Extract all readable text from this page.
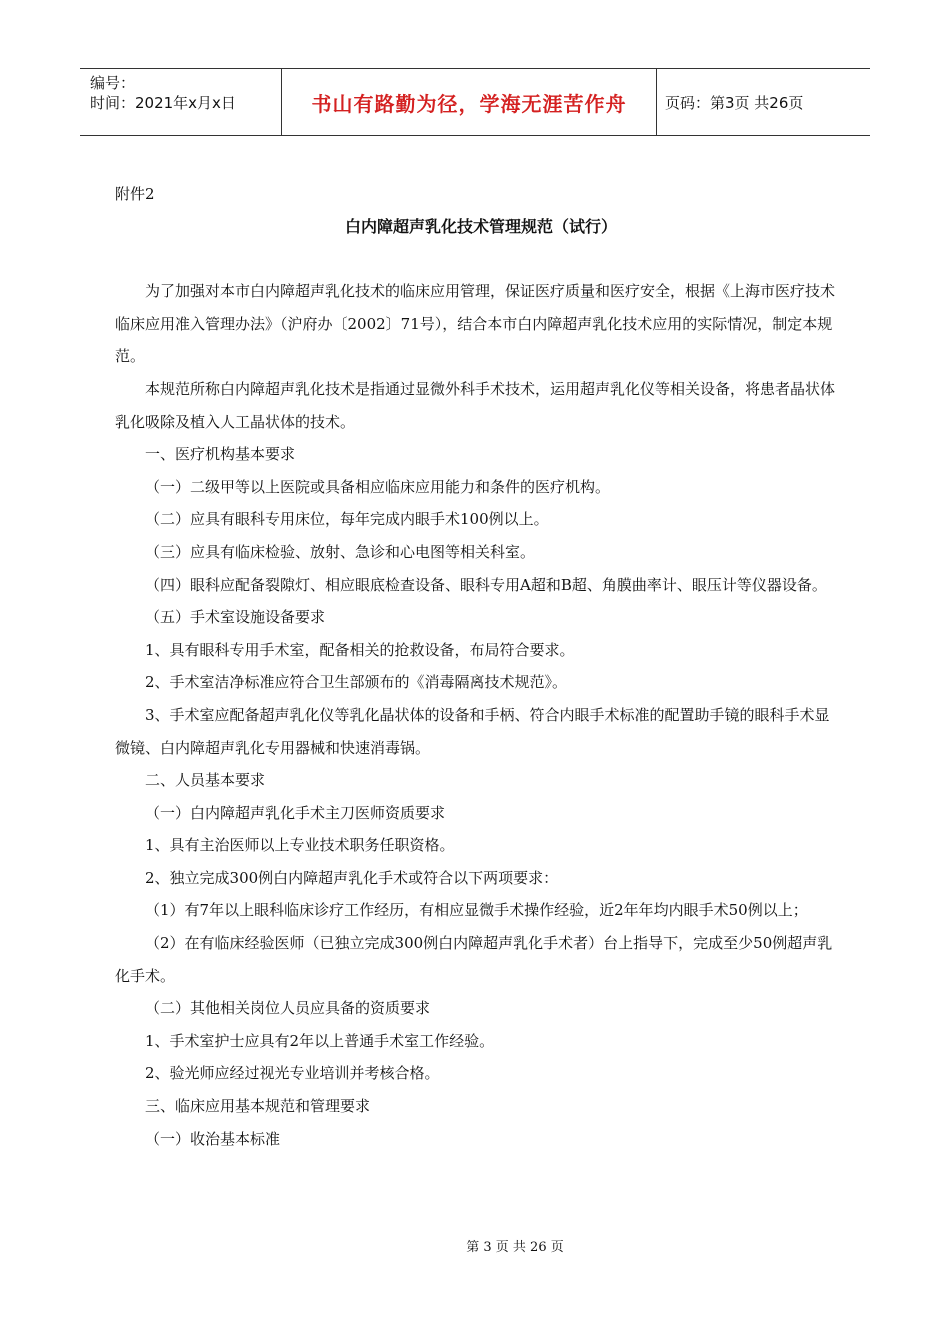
编号：
时间：2021年x月x日	书山有路勤为径，学海无涯苦作舟	页码：第3页 共26页

附件2

白内障超声乳化技术管理规范（试行）

为了加强对本市白内障超声乳化技术的临床应用管理，保证医疗质量和医疗安全，根据《上海市医疗技术临床应用准入管理办法》（沪府办〔2002〕71号），结合本市白内障超声乳化技术应用的实际情况，制定本规范。

本规范所称白内障超声乳化技术是指通过显微外科手术技术，运用超声乳化仪等相关设备，将患者晶状体乳化吸除及植入人工晶状体的技术。

一、医疗机构基本要求

（一）二级甲等以上医院或具备相应临床应用能力和条件的医疗机构。

（二）应具有眼科专用床位，每年完成内眼手术100例以上。

（三）应具有临床检验、放射、急诊和心电图等相关科室。

（四）眼科应配备裂隙灯、相应眼底检查设备、眼科专用A超和B超、角膜曲率计、眼压计等仪器设备。

（五）手术室设施设备要求

1、具有眼科专用手术室，配备相关的抢救设备，布局符合要求。

2、手术室洁净标准应符合卫生部颁布的《消毒隔离技术规范》。

3、手术室应配备超声乳化仪等乳化晶状体的设备和手柄、符合内眼手术标准的配置助手镜的眼科手术显微镜、白内障超声乳化专用器械和快速消毒锅。

二、人员基本要求

（一）白内障超声乳化手术主刀医师资质要求

1、具有主治医师以上专业技术职务任职资格。

2、独立完成300例白内障超声乳化手术或符合以下两项要求：

（1）有7年以上眼科临床诊疗工作经历，有相应显微手术操作经验，近2年年均内眼手术50例以上；

（2）在有临床经验医师（已独立完成300例白内障超声乳化手术者）台上指导下，完成至少50例超声乳化手术。

（二）其他相关岗位人员应具备的资质要求

1、手术室护士应具有2年以上普通手术室工作经验。

2、验光师应经过视光专业培训并考核合格。

三、临床应用基本规范和管理要求

（一）收治基本标准

第 3 页 共 26 页
